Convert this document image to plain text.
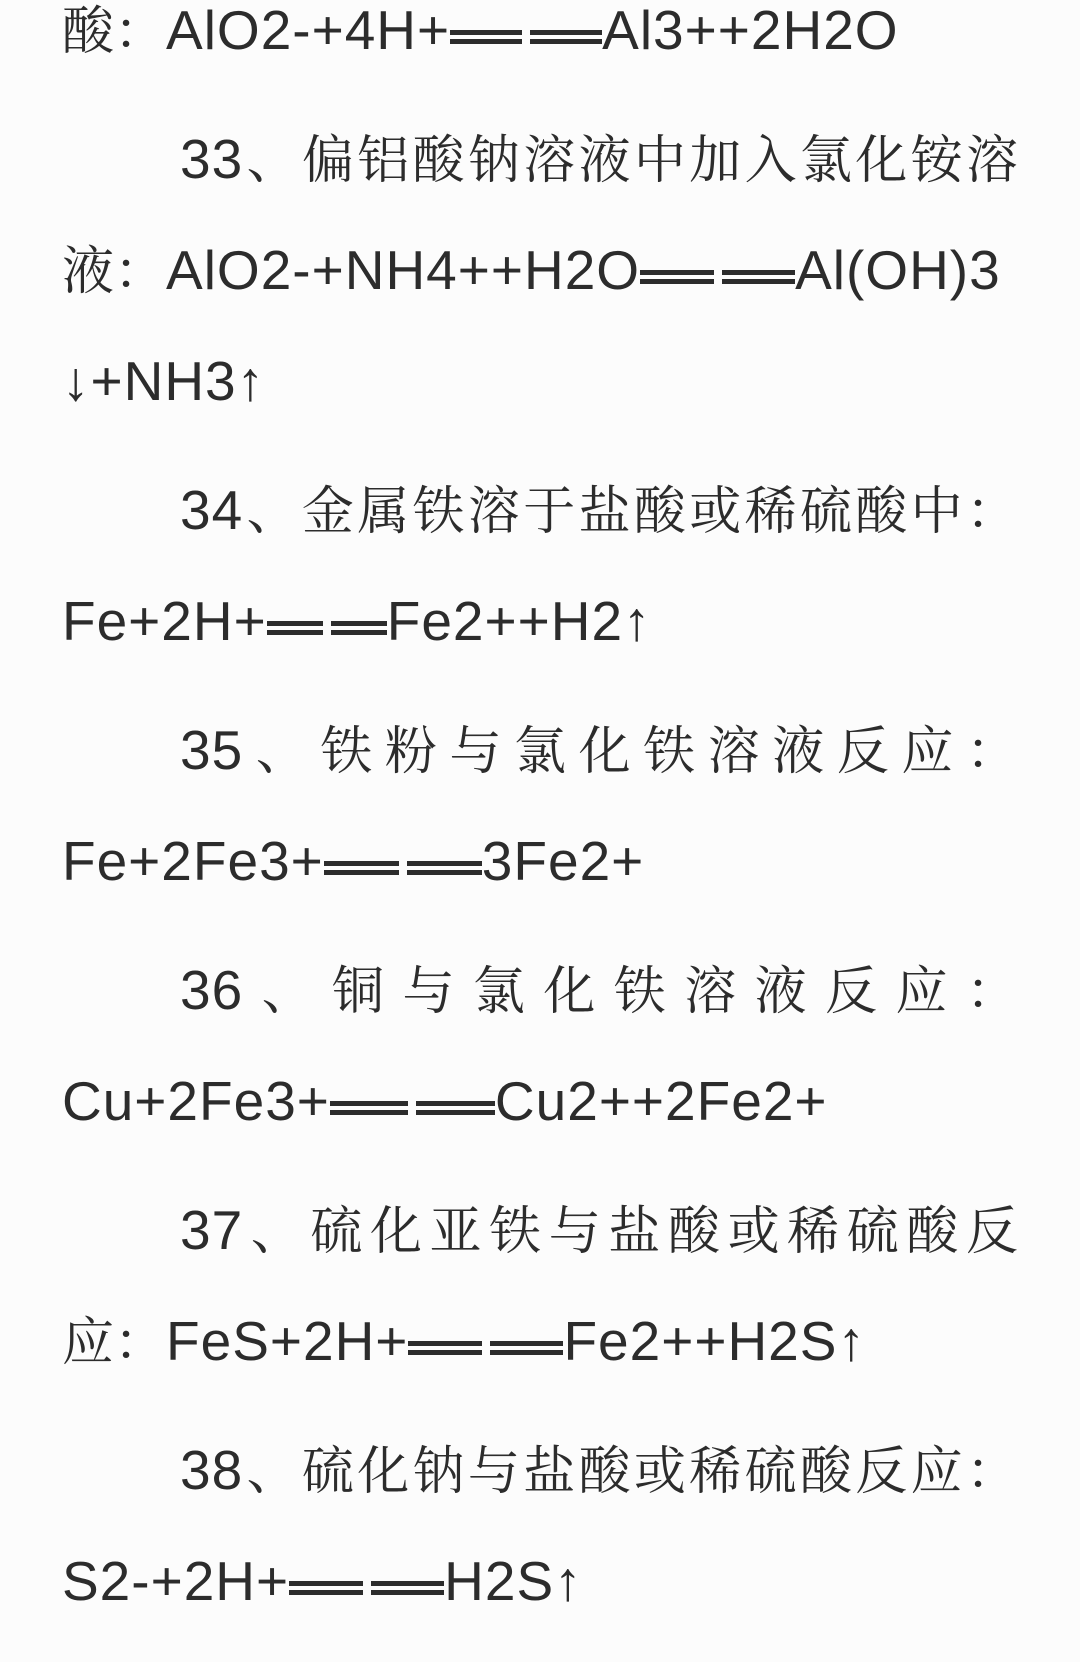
酸：AlO2-+4H+	Al3++2H2O
33、偏铝酸钠溶液中加入氯化铵溶
液：AlO2-+NH4++H2O	Al(OH)3
↓+NH3↑
34、金属铁溶于盐酸或稀硫酸中：
Fe+2H+ Fe2++H2↑
35、铁粉与氯化铁溶液反应：
Fe+2Fe3+	3Fe2+
36、铜与氯化铁溶液反应：
Cu+2Fe3+	Cu2++2Fe2+
37、硫化亚铁与盐酸或稀硫酸反
应：FeS+2H+	Fe2++H2S↑
38、硫化钠与盐酸或稀硫酸反应：
S2-+2H+	H2S↑
